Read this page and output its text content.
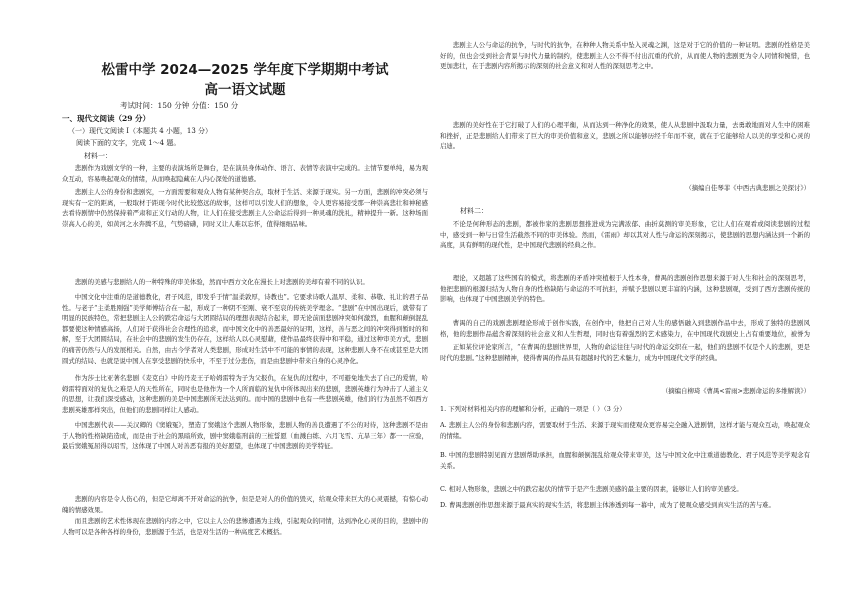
松雷中学 2024—2025 学年度下学期期中考试
高一语文试题
考试时间：150 分钟 分值：150 分
一、现代文阅读（29 分）
（一）现代文阅读 I（本题共 4 小题，13 分）
阅读下面的文字，完成 1～4 题。
材料一：

悲剧作为戏剧文学的一种，主要的表演场所是舞台，是在演员身体动作、语言、表情等表演中完成的。主情节要单纯，易为观众互动，容易唤起观众的情绪，从而唤起隐藏在人内心深处的道德感。

悲剧主人公的身份和悲剧究，一方面需要和观众人物有某种契合点，取材于生活、来源于现实。另一方面，悲剧的冲突必须与现实有一定的距离，一般取材于距现今时代比较悠远的故事，这样可以引发人们的想象，令人更容易接受那一种崇高悲壮和神秘感去看待剧情中仍然保持着严肃和正义行动的人物，让人们在接受悲剧主人公命运后得到一种灵魂的洗礼，精神提升一新。这种场面崇高人心的美，如黄河之水奔腾不息，气势磅礴，同时又让人难以忘怀，值得细细品味。

悲剧的美感与悲剧给人的一种特殊的审美体验，然而中西方文化在漫长上对悲剧的美却有着不同的认识。

中国文化中注重的是道德教化，君子风范，即发乎于情“温柔敦厚，诗教也”。它要求诗歌人温厚、柔和、恭敬、礼让的君子品性。与老子“主柔胜刚强”美学师傅结合在一起，形成了一种阴不至刚、衰不至哀的传统美学理念。“悲剧”在中国出现后，就带有了明显的民族特色，常把悲剧主人公的跌宕命运与大团圆结局的理想表现结合起来，即无论前面悲剧冲突如何激烈，血腥和颠倒混乱都要使这种情感高扬，人们对于获得社会合理性的追求，而中国文化中的善恶最好的证明，这样，善与恶之间的冲突得到暂时的和解，至于大团圆结局，在社会中的悲剧的发生仍存在，这样给人以心灵慰藉，使作品最终获得中和平稳，通过这种审美方式，悲剧的痛苦仍然与人的发展相关。自然，由古今学者对人类悲剧，形成对生活中不可能的事情的表现，这种悲剧人身不在或甚至是大团圆式的结局、也就是说中国人在享受悲剧的快乐中，不至于过分悲伤，而是由悲剧中带来自身的心灵净化。

作为莎士比亚著名悲剧《麦克白》中的丹麦王子哈姆雷特为子为父报仇，在复仇的过程中，不可避免地失去了自己的爱情，哈姆雷特面对的复仇之难是人的天性所在，同时也是他作为一个人所面临的复仇中所体现出来的悲剧，悲剧英雄行为冲击了人道主义的思想，让我们深受感动，这种悲剧的美是中国悲剧所无法达到的。而中国的悲剧中也有一些悲剧英雄，他们的行为虽然不如西方悲剧英雄那样突出，但他们的悲剧同样让人感动。

中国悲剧代表——关汉卿的《窦娥冤》，塑造了窦娥这个悲剧人物形象，悲剧人物的善良遭遇了不公的对待，这种悲剧不是由于人物的性格缺陷造成，而是由于社会的黑暗所致，剧中窦娥临刑前的三桩誓愿（血溅白练、六月飞雪、亢旱三年）都一一应验，最后窦娥冤屈得以昭雪，这体现了中国人对善恶有报的美好愿望，也体现了中国悲剧的美学特征。

悲剧的内容是令人伤心的，但是它却离不开对命运的抗争，但是是对人的价值的毁灭，给观众带来巨大的心灵震撼，有惊心动魄的情感效果。

而且悲剧的艺术性体现在悲剧的内容之中，它以主人公的悲惨遭遇为主线，引起观众的同情，达到净化心灵的目的，悲剧中的人物可以是各种各样的身份，悲剧源于生活，也是对生活的一种高度艺术概括。

悲剧主人公与命运的抗争，与时代的抗争，在种种人物关系中坠入灵魂之渊，这是对于它的价值的一种证明。悲剧的性格是美好的，但也会受到社会背景与时代力量的制约，使悲剧主人公不得不付出沉重的代价，从而使人物的悲剧更为令人同情和惋惜，也更加悲壮，在于悲剧内容所揭示的深刻的社会意义和对人性的深刻思考之中。

悲剧的美好性在于它打破了人们的心理平衡，从而达到一种净化的效果，使人从悲剧中汲取力量，去勇敢地面对人生中的困难和挫折，正是悲剧给人们带来了巨大的审美价值和意义，悲剧之所以能够历经千年而不衰，就在于它能够给人以美的享受和心灵的启迪。

（摘编自佳琴菲《中西古典悲剧之美探讨》）
材料二：

不论是何种形态的悲剧，都被作家的悲剧思想推进成为完满浓郁、曲折莫测的审美形象，它让人们在观看或阅读悲剧的过程中，感受到一种与日常生活截然不同的审美体验。然而，《雷雨》却以其对人性与命运的深刻揭示，使悲剧的思想内涵达到一个新的高度，具有鲜明的现代性，是中国现代悲剧的经典之作。

理论，又超越了这些国有的模式，将悲剧的矛盾冲突植根于人性本身，曹禺的悲剧创作思想来源于对人生和社会的深刻思考，他把悲剧的根源归结为人物自身的性格缺陷与命运的不可抗拒，并赋予悲剧以更丰富的内涵，这种悲剧观，受到了西方悲剧传统的影响，也体现了中国悲剧美学的特色。

曹禺的自己的戏剧悲剧理论形成于创作实践，在创作中，他把自己对人生的感悟融入到悲剧作品中去，形成了独特的悲剧风格，他的悲剧作品蕴含着深刻的社会意义和人生哲理，同时也有着强烈的艺术感染力，在中国现代戏剧史上占有重要地位，被誉为

正如某位评论家所言，“在曹禺的悲剧世界里，人物的命运往往与时代的命运交织在一起，他们的悲剧不仅是个人的悲剧，更是时代的悲剧。”这种悲剧精神，使得曹禺的作品具有超越时代的艺术魅力，成为中国现代文学的经典。

（摘编自柳琦《曹禺<雷雨>悲剧命运的多维解读》）

1. 下列对材料相关内容的理解和分析，正确的一项是（ ）（3 分）

A. 悲剧主人公的身份和悲剧内容，需要取材于生活、来源于现实而使观众更容易完全融入进剧情，这样才能与观众互动，唤起观众的情绪。

B. 中国的悲剧特别见面方悲剧帮助承担，血腥和颠倒混乱给观众带来审美，这与中国文化中注重道德教化、君子风范等美学观念有关系。

C. 相对人物形象，悲剧之中的跌宕起伏的情节于是产生悲剧美感的最主要的因素，能够让人们的审美感受。

D. 曹禺悲剧创作思想来源于最真实的现实生活，将悲剧主体渗透到每一幕中，成为了使观众感受到真实生活的苦与难。
